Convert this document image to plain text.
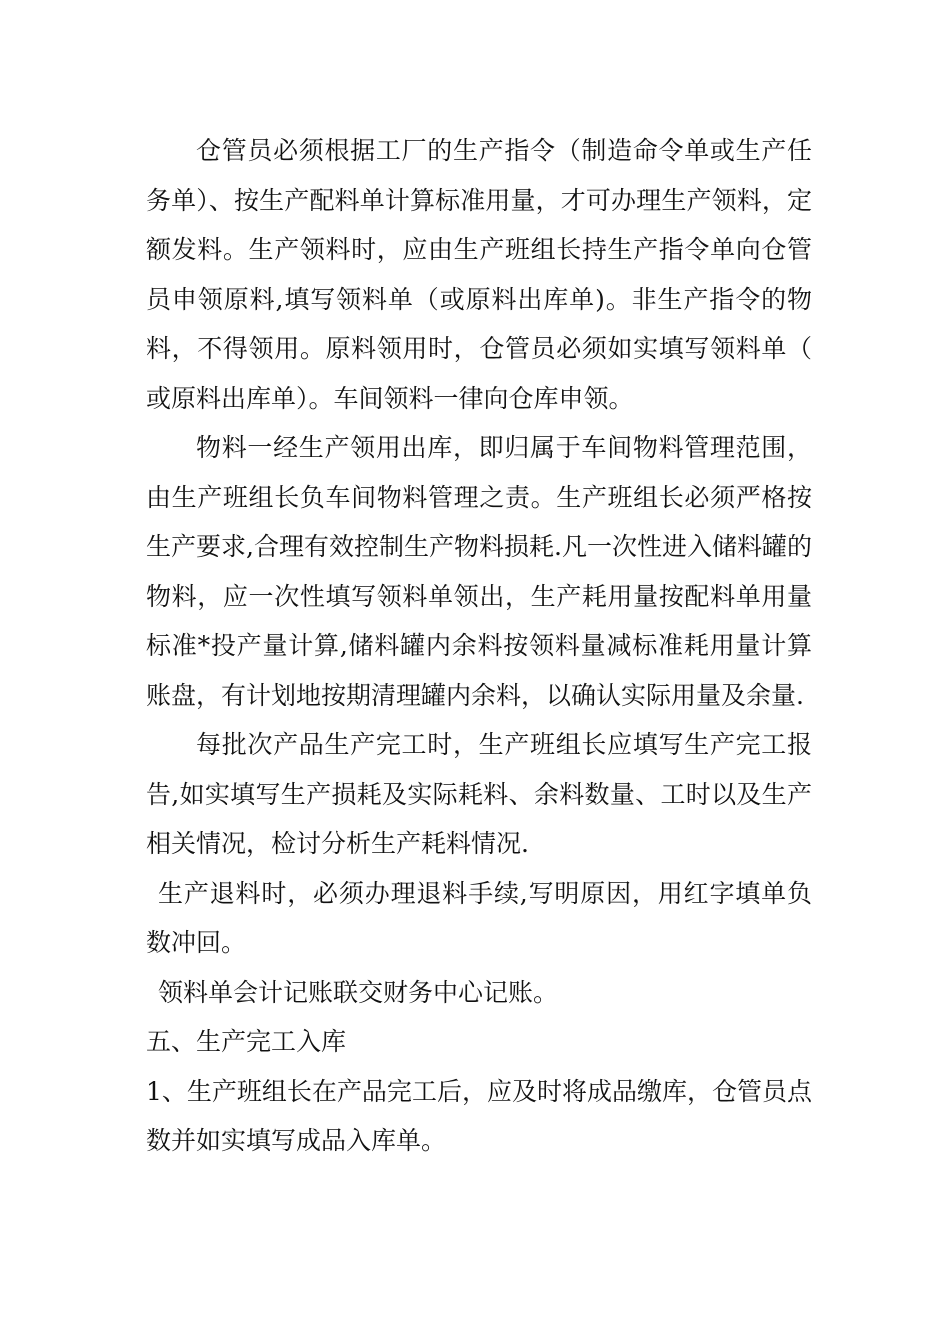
仓管员必须根据工厂的生产指令（制造命令单或生产任务单）、按生产配料单计算标准用量，才可办理生产领料，定额发料。生产领料时，应由生产班组长持生产指令单向仓管员申领原料,填写领料单（或原料出库单)。非生产指令的物料，不得领用。原料领用时，仓管员必须如实填写领料单（或原料出库单）。车间领料一律向仓库申领。

物料一经生产领用出库，即归属于车间物料管理范围，由生产班组长负车间物料管理之责。生产班组长必须严格按生产要求,合理有效控制生产物料损耗.凡一次性进入储料罐的物料，应一次性填写领料单领出，生产耗用量按配料单用量标准*投产量计算,储料罐内余料按领料量减标准耗用量计算账盘，有计划地按期清理罐内余料，以确认实际用量及余量.

每批次产品生产完工时，生产班组长应填写生产完工报告,如实填写生产损耗及实际耗料、余料数量、工时以及生产相关情况，检讨分析生产耗料情况.

生产退料时，必须办理退料手续,写明原因，用红字填单负数冲回。

领料单会计记账联交财务中心记账。

五、生产完工入库

1、生产班组长在产品完工后，应及时将成品缴库，仓管员点数并如实填写成品入库单。
